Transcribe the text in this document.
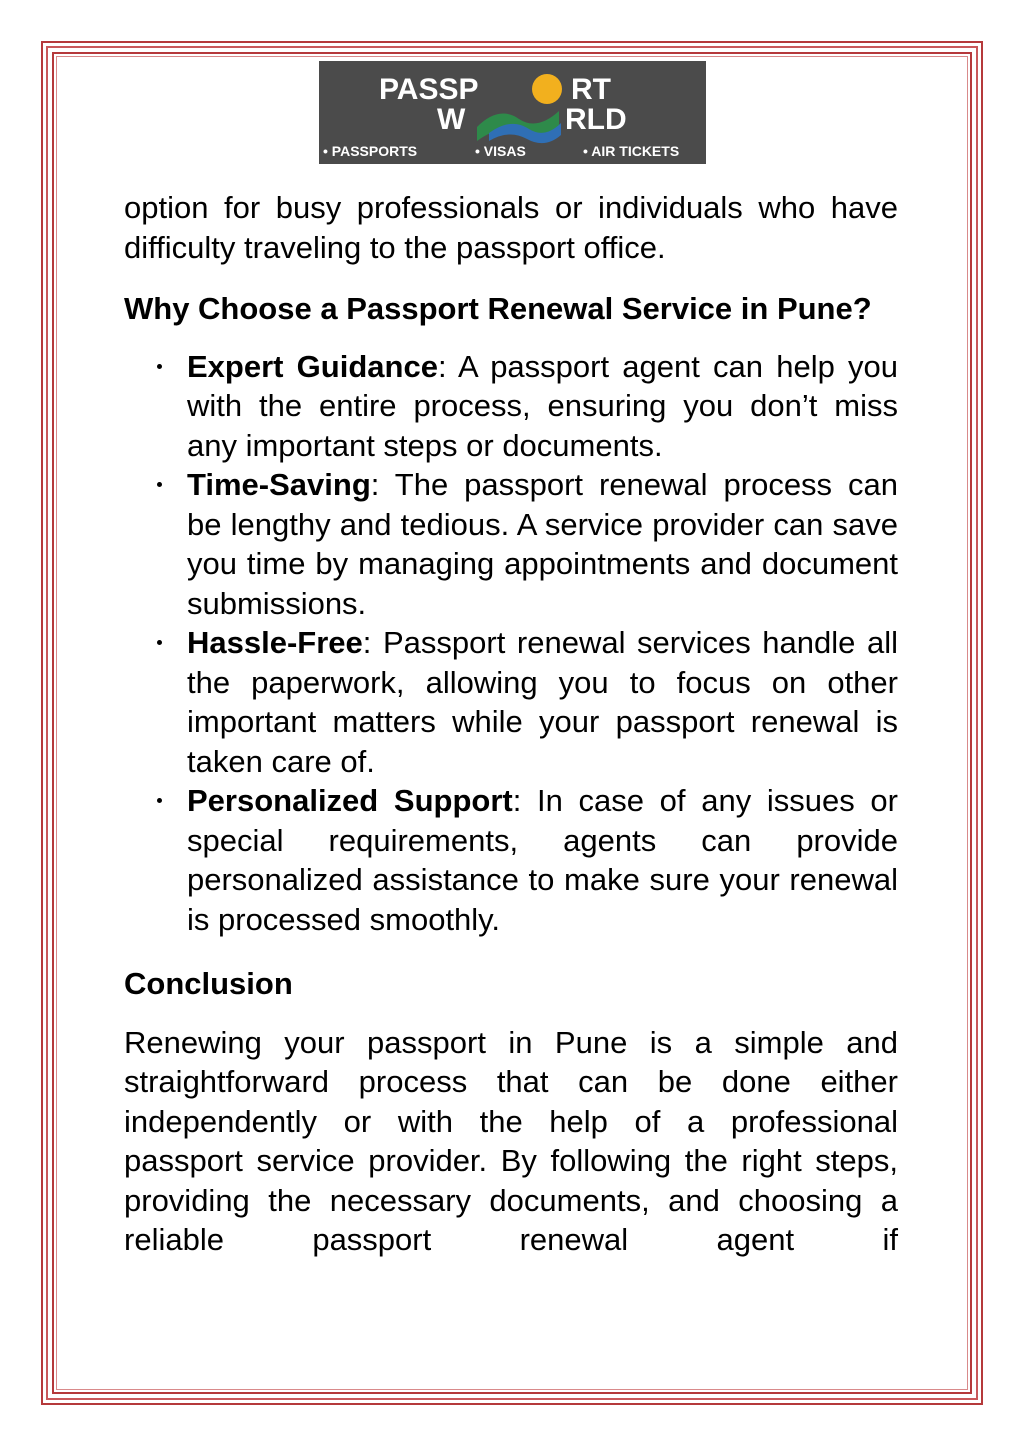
PASSP	RT
W	RLD
• PASSPORTS	• VISAS	• AIR TICKETS

option for busy professionals or individuals who have difficulty traveling to the passport office.

Why Choose a Passport Renewal Service in Pune?

Expert Guidance: A passport agent can help you with the entire process, ensuring you don’t miss any important steps or documents.
Time-Saving: The passport renewal process can be lengthy and tedious. A service provider can save you time by managing appointments and document submissions.
Hassle-Free: Passport renewal services handle all the paperwork, allowing you to focus on other important matters while your passport renewal is taken care of.
Personalized Support: In case of any issues or special requirements, agents can provide personalized assistance to make sure your renewal is processed smoothly.

Conclusion

Renewing your passport in Pune is a simple and straightforward process that can be done either independently or with the help of a professional passport service provider. By following the right steps, providing the necessary documents, and choosing a reliable passport renewal agent if
